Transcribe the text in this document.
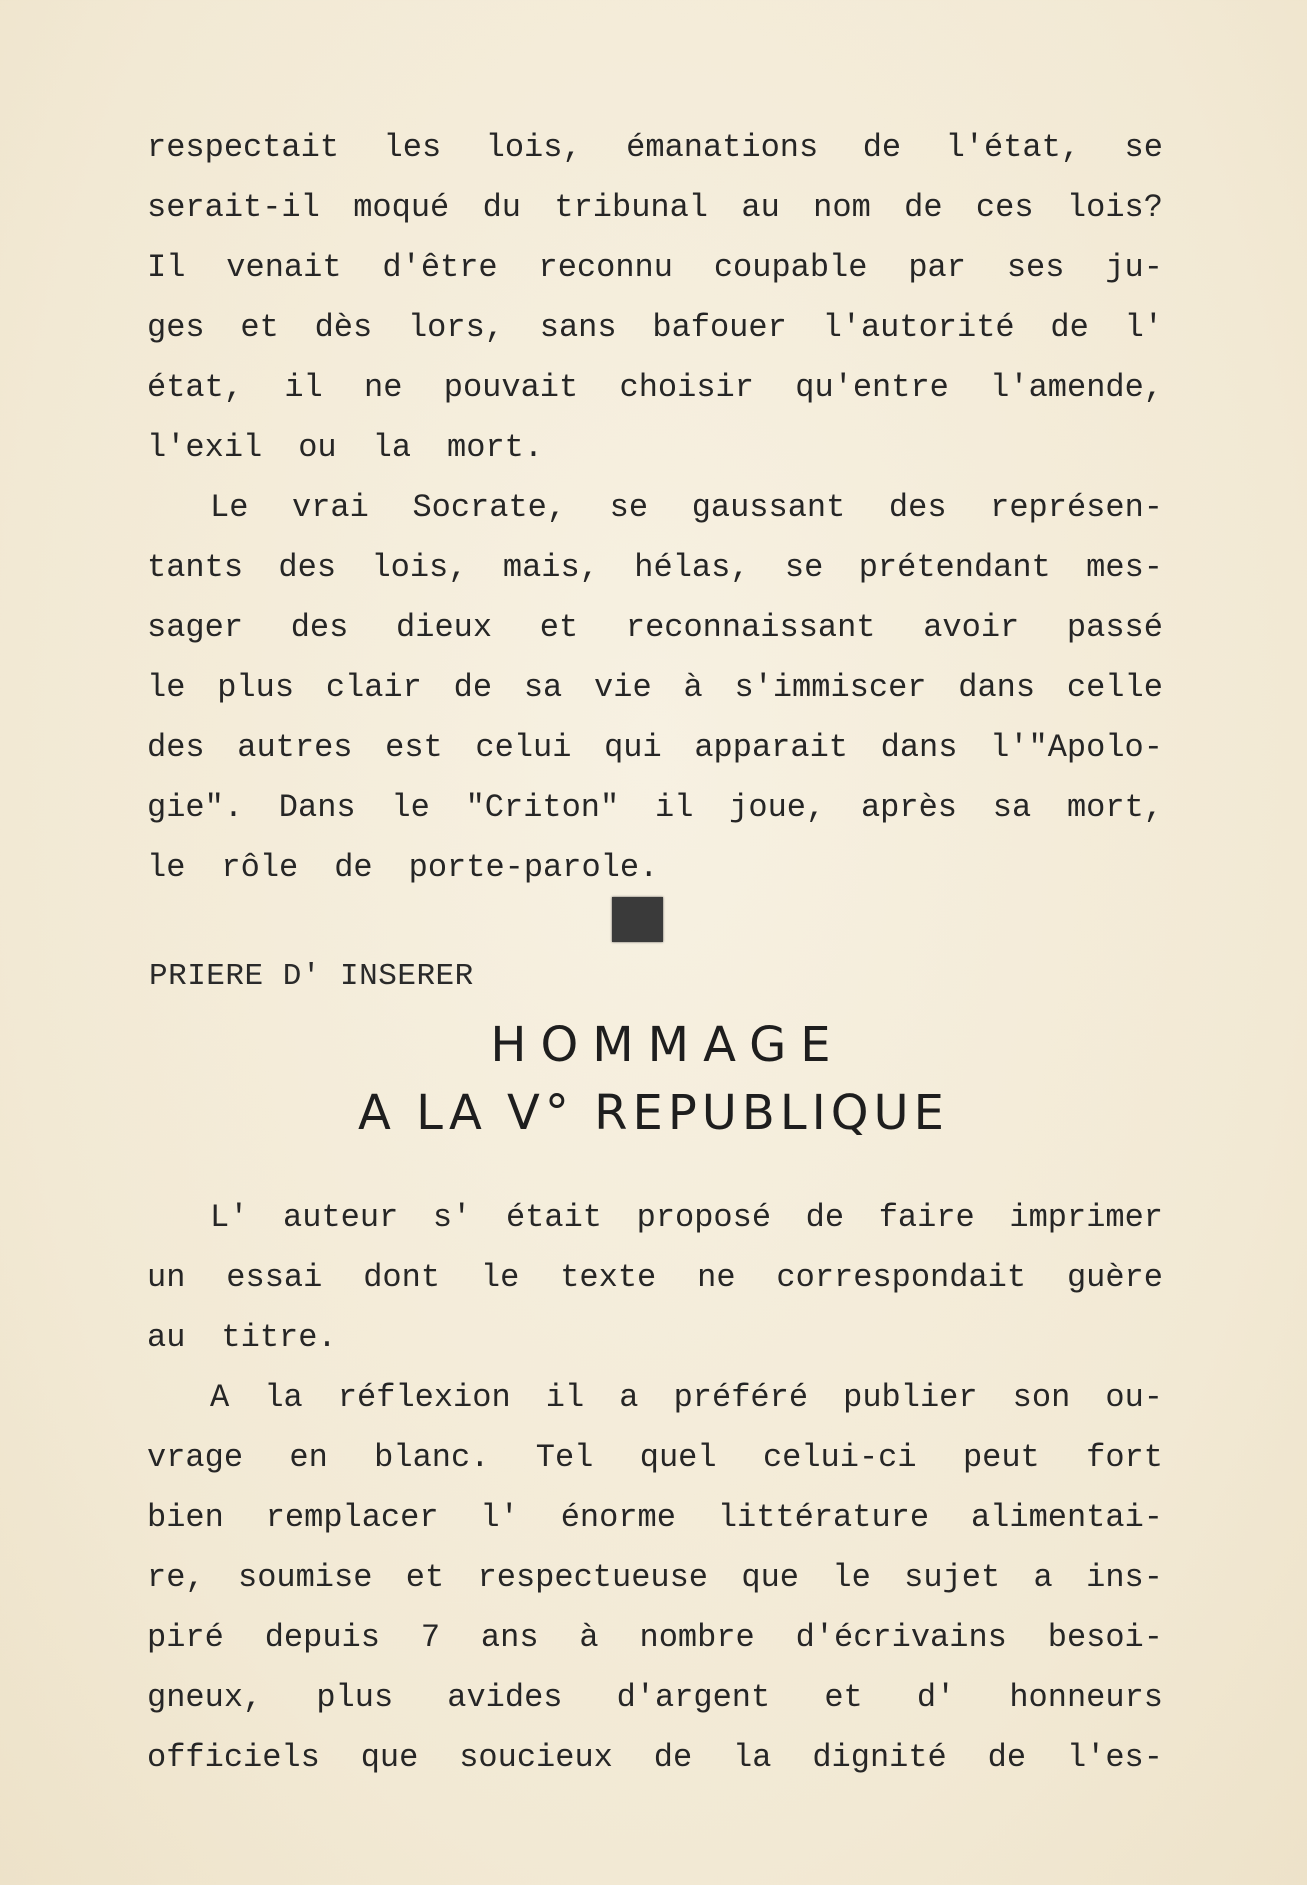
respectait les lois, émanations de l'état, se
serait-il moqué du tribunal au nom de ces lois?
Il venait d'être reconnu coupable par ses ju-
ges et dès lors, sans bafouer l'autorité de l'
état, il ne pouvait choisir qu'entre l'amende,
l'exil ou la mort.
Le vrai Socrate, se gaussant des représen-
tants des lois, mais, hélas, se prétendant mes-
sager des dieux et reconnaissant avoir passé
le plus clair de sa vie à s'immiscer dans celle
des autres est celui qui apparait dans l'"Apolo-
gie". Dans le "Criton" il joue, après sa mort,
le rôle de porte-parole.
PRIERE D' INSERER
HOMMAGE
A LA V° REPUBLIQUE
L' auteur s' était proposé de faire imprimer
un essai dont le texte ne correspondait guère
au titre.
A la réflexion il a préféré publier son ou-
vrage en blanc. Tel quel celui-ci peut fort
bien remplacer l' énorme littérature alimentai-
re, soumise et respectueuse que le sujet a ins-
piré depuis 7 ans à nombre d'écrivains besoi-
gneux, plus avides d'argent et d' honneurs
officiels que soucieux de la dignité de l'es-
